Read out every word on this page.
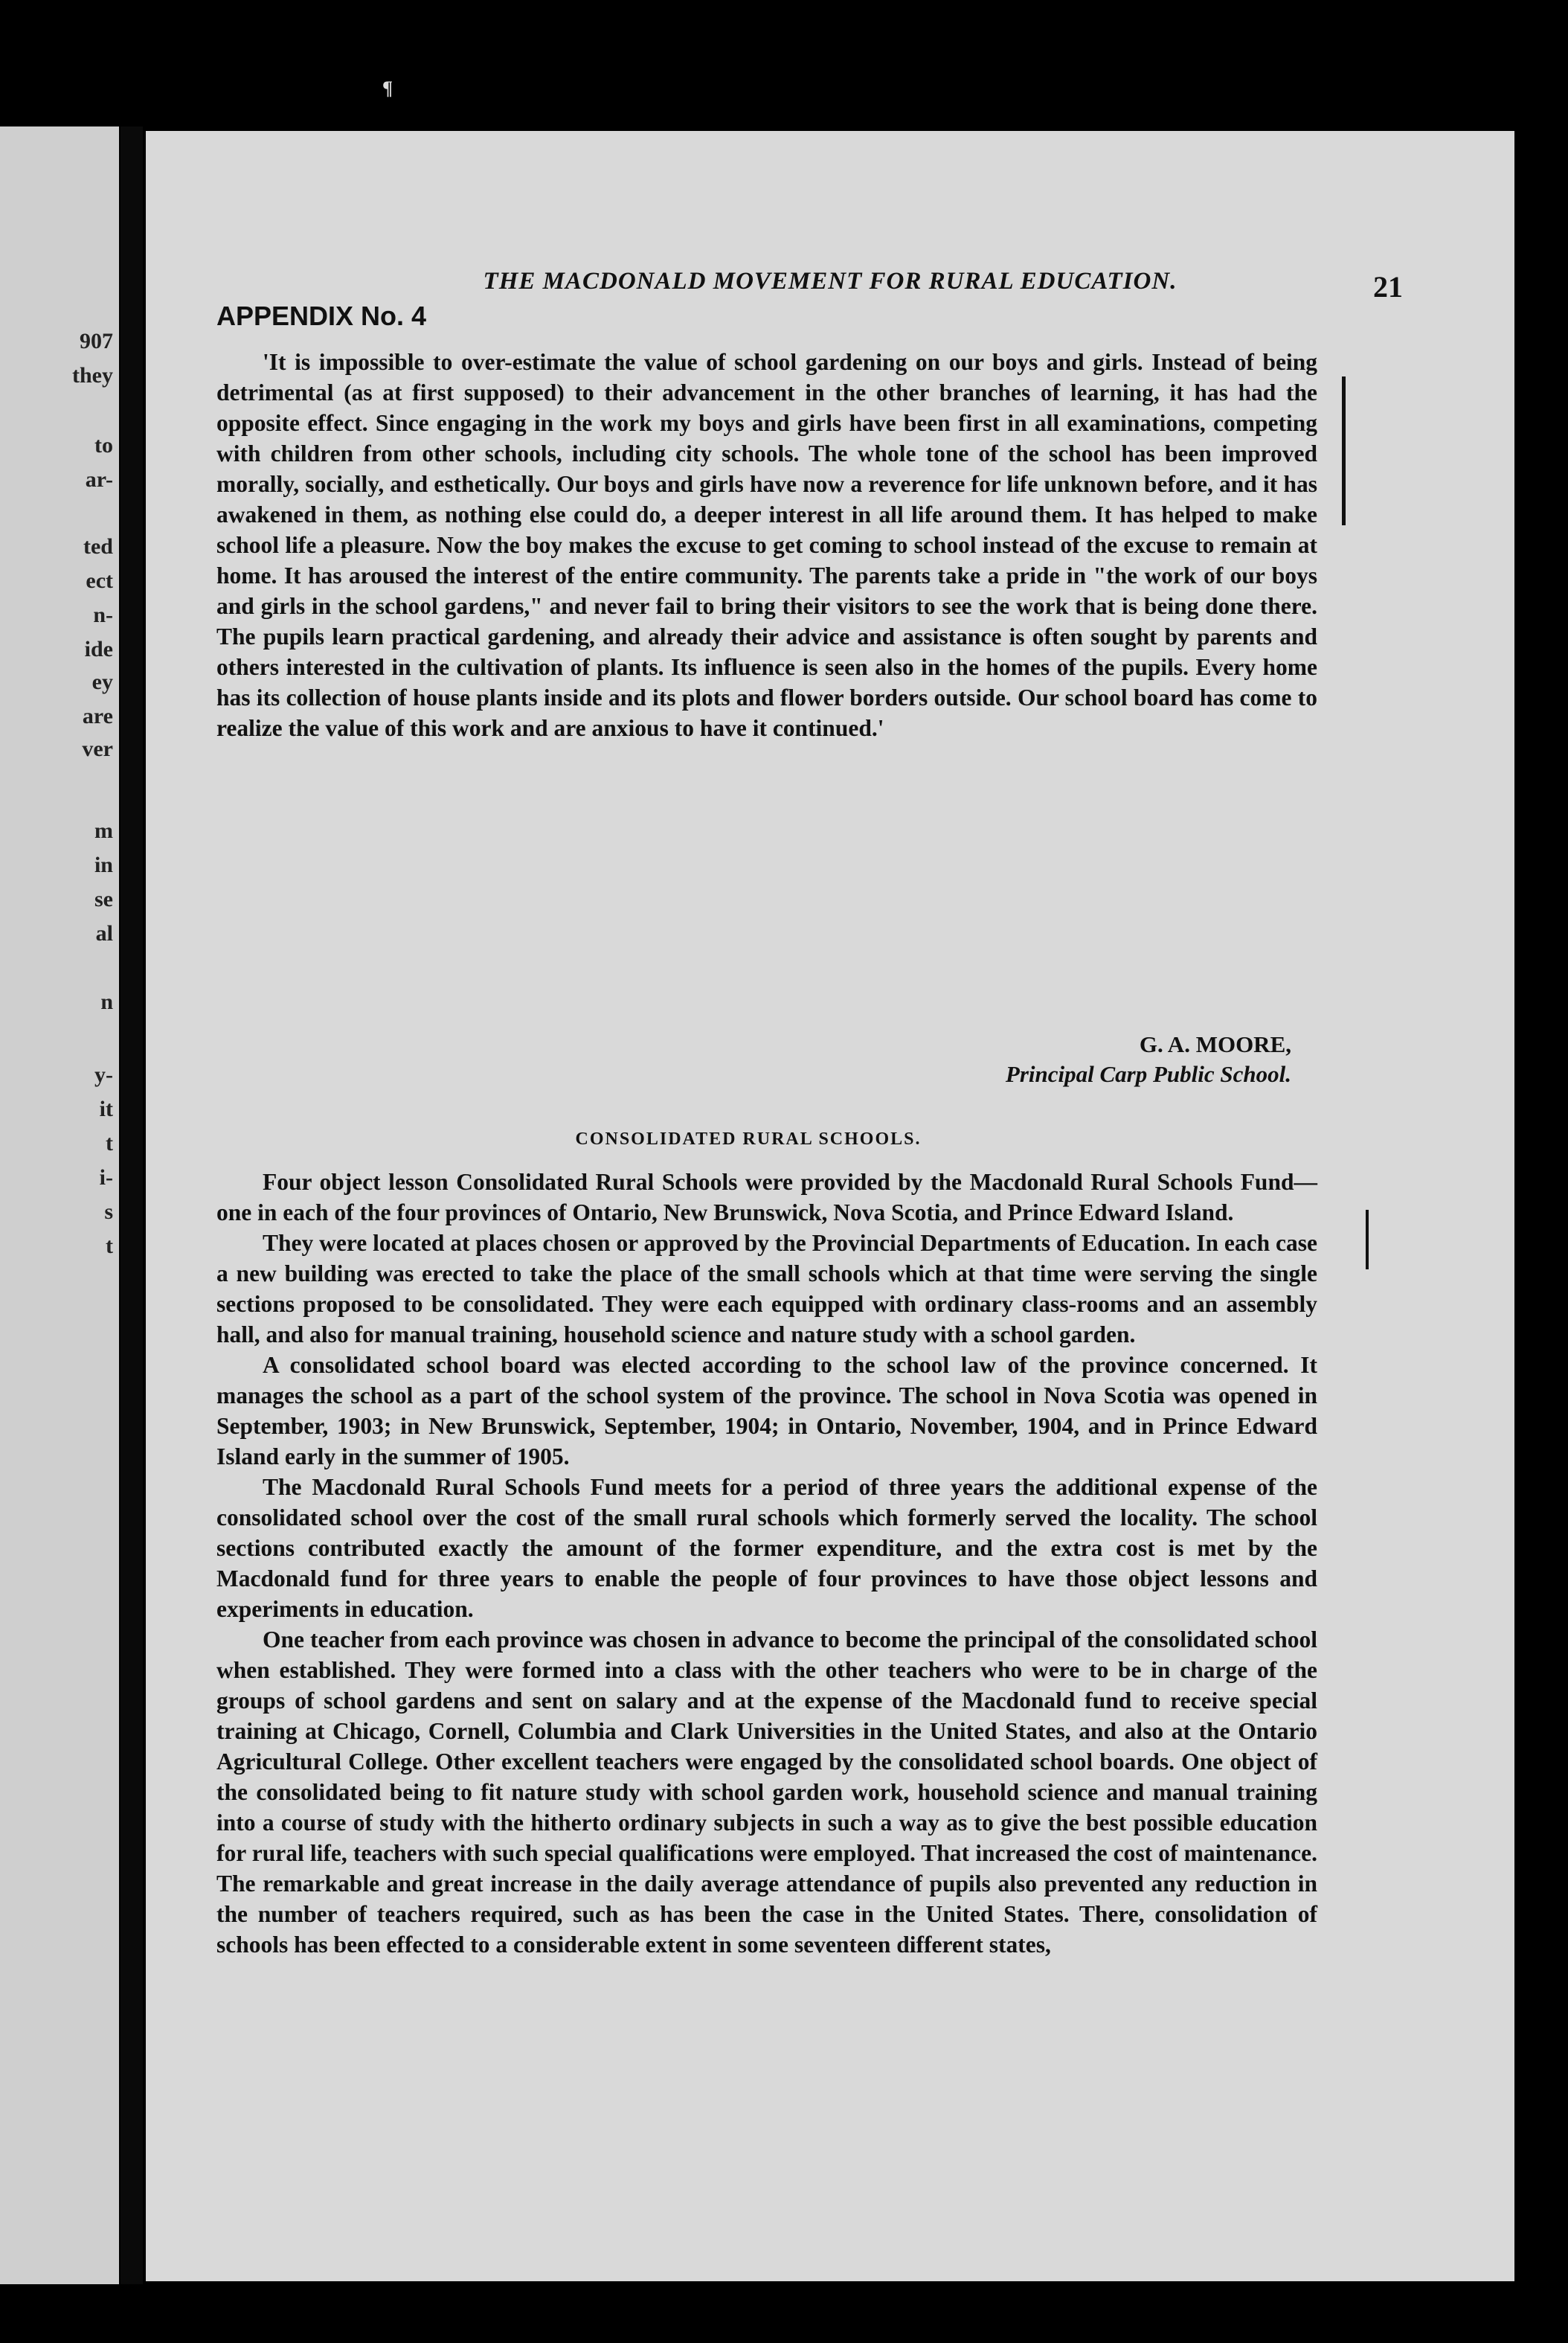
¶
907
they
to
ar-
ted
ect
n-
ide
ey
are
ver
m
in
se
al
n
y-
it
t
i-
s
t
THE MACDONALD MOVEMENT FOR RURAL EDUCATION.	21
APPENDIX No. 4

'It is impossible to over-estimate the value of school gardening on our boys and girls. Instead of being detrimental (as at first supposed) to their advancement in the other branches of learning, it has had the opposite effect. Since engaging in the work my boys and girls have been first in all examinations, competing with children from other schools, including city schools. The whole tone of the school has been improved morally, socially, and esthetically. Our boys and girls have now a reverence for life unknown before, and it has awakened in them, as nothing else could do, a deeper interest in all life around them. It has helped to make school life a pleasure. Now the boy makes the excuse to get coming to school instead of the excuse to remain at home. It has aroused the interest of the entire community. The parents take a pride in "the work of our boys and girls in the school gardens," and never fail to bring their visitors to see the work that is being done there. The pupils learn practical gardening, and already their advice and assistance is often sought by parents and others interested in the cultivation of plants. Its influence is seen also in the homes of the pupils. Every home has its collection of house plants inside and its plots and flower borders outside. Our school board has come to realize the value of this work and are anxious to have it continued.'

G. A. MOORE,
Principal Carp Public School.
CONSOLIDATED RURAL SCHOOLS.

Four object lesson Consolidated Rural Schools were provided by the Macdonald Rural Schools Fund—one in each of the four provinces of Ontario, New Brunswick, Nova Scotia, and Prince Edward Island.

They were located at places chosen or approved by the Provincial Departments of Education. In each case a new building was erected to take the place of the small schools which at that time were serving the single sections proposed to be consolidated. They were each equipped with ordinary class-rooms and an assembly hall, and also for manual training, household science and nature study with a school garden.

A consolidated school board was elected according to the school law of the province concerned. It manages the school as a part of the school system of the province. The school in Nova Scotia was opened in September, 1903; in New Brunswick, September, 1904; in Ontario, November, 1904, and in Prince Edward Island early in the summer of 1905.

The Macdonald Rural Schools Fund meets for a period of three years the additional expense of the consolidated school over the cost of the small rural schools which formerly served the locality. The school sections contributed exactly the amount of the former expenditure, and the extra cost is met by the Macdonald fund for three years to enable the people of four provinces to have those object lessons and experiments in education.

One teacher from each province was chosen in advance to become the principal of the consolidated school when established. They were formed into a class with the other teachers who were to be in charge of the groups of school gardens and sent on salary and at the expense of the Macdonald fund to receive special training at Chicago, Cornell, Columbia and Clark Universities in the United States, and also at the Ontario Agricultural College. Other excellent teachers were engaged by the consolidated school boards. One object of the consolidated being to fit nature study with school garden work, household science and manual training into a course of study with the hitherto ordinary subjects in such a way as to give the best possible education for rural life, teachers with such special qualifications were employed. That increased the cost of maintenance. The remarkable and great increase in the daily average attendance of pupils also prevented any reduction in the number of teachers required, such as has been the case in the United States. There, consolidation of schools has been effected to a considerable extent in some seventeen different states,
